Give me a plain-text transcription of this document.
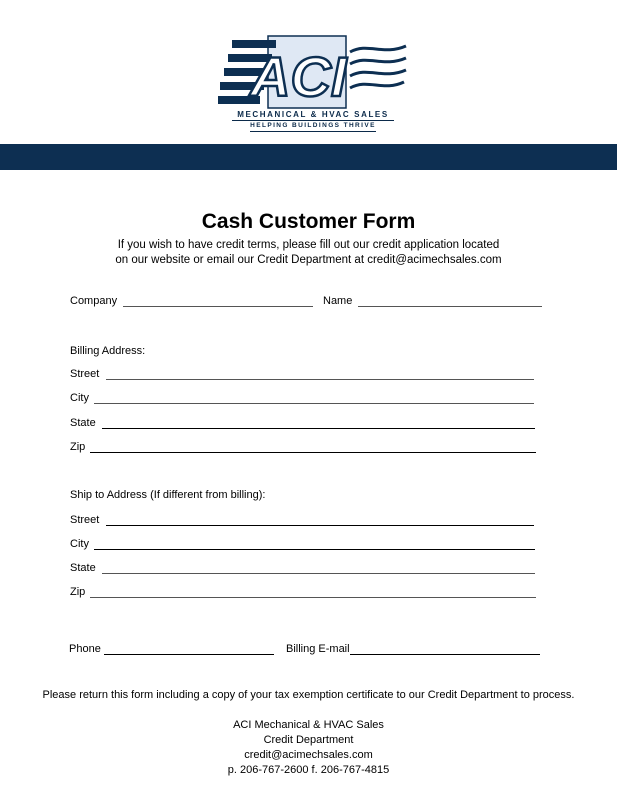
ACI
MECHANICAL & HVAC SALES
HELPING BUILDINGS THRIVE
Cash Customer Form
If you wish to have credit terms, please fill out our credit application located
on our website or email our Credit Department at credit@acimechsales.com
Company	Name
Billing Address:
Street
City
State
Zip
Ship to Address (If different from billing):
Street
City
State
Zip
Phone	Billing E-mail
Please return this form including a copy of your tax exemption certificate to our Credit Department to process.
ACI Mechanical & HVAC Sales
Credit Department
credit@acimechsales.com
p. 206-767-2600 f. 206-767-4815
